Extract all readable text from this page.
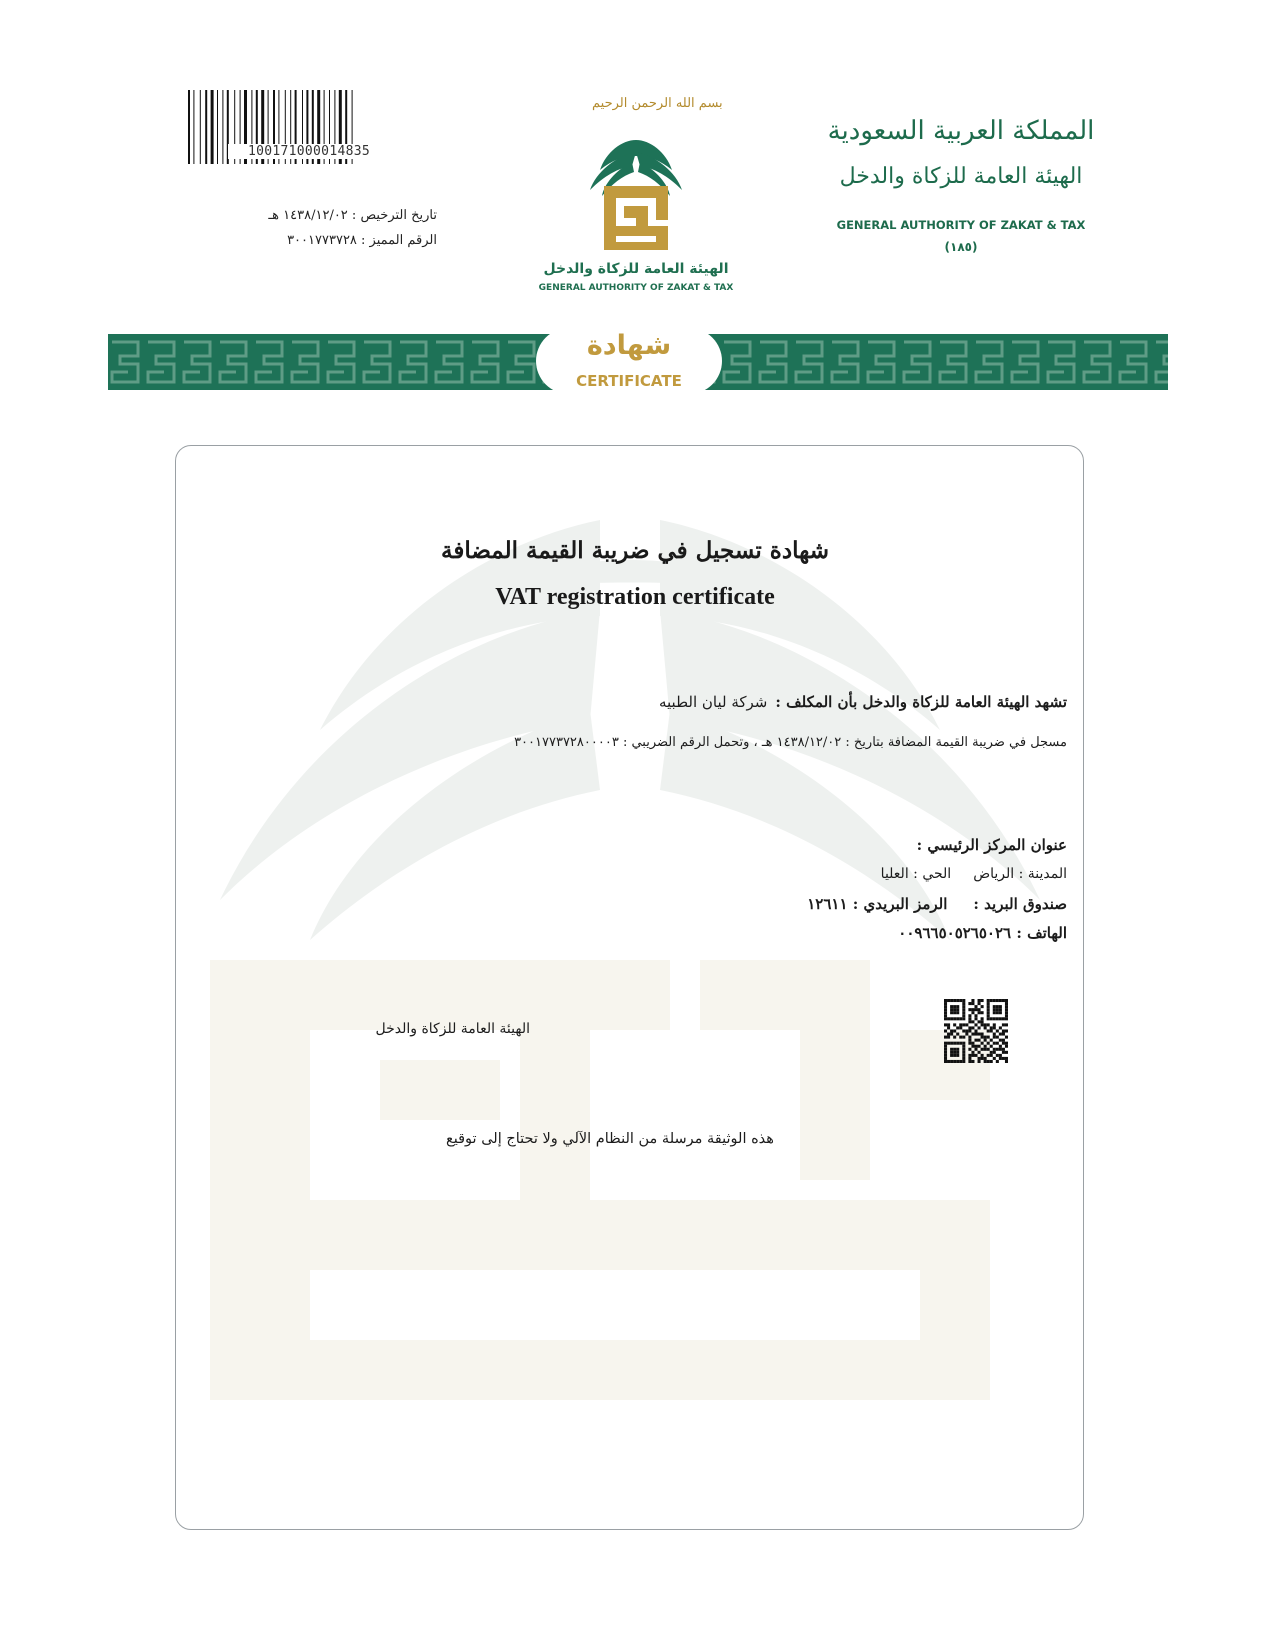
100171000014835
تاريخ الترخيص : ١٤٣٨/١٢/٠٢ هـ
الرقم المميز : ٣٠٠١٧٧٣٧٢٨
بسم الله الرحمن الرحيم
الهيئة العامة للزكاة والدخل
GENERAL AUTHORITY OF ZAKAT & TAX
المملكة العربية السعودية
الهيئة العامة للزكاة والدخل
GENERAL AUTHORITY OF ZAKAT & TAX
(١٨٥)
شهادة
CERTIFICATE
شهادة تسجيل في ضريبة القيمة المضافة
VAT registration certificate
تشهد الهيئة العامة للزكاة والدخل بأن المكلف :شركة ليان الطبيه
مسجل في ضريبة القيمة المضافة بتاريخ : ١٤٣٨/١٢/٠٢ هـ ، وتحمل الرقم الضريبي : ٣٠٠١٧٧٣٧٢٨٠٠٠٠٣
عنوان المركز الرئيسي :
المدينة : الرياضالحي : العليا
صندوق البريد :الرمز البريدي : ١٢٦١١
الهاتف : ٠٠٩٦٦٥٠٥٢٦٥٠٢٦
الهيئة العامة للزكاة والدخل
هذه الوثيقة مرسلة من النظام الآلي ولا تحتاج إلى توقيع
